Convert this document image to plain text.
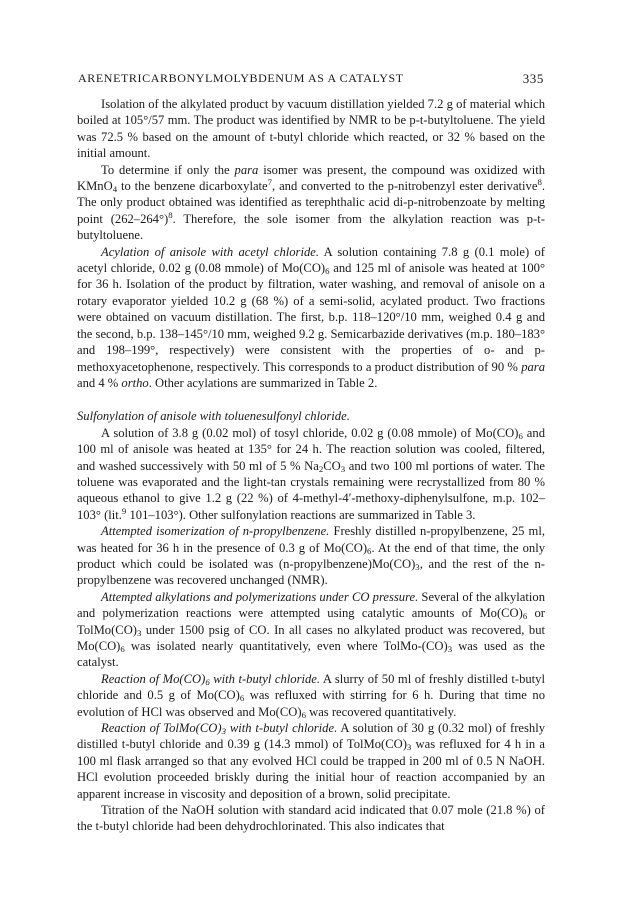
ARENETRICARBONYLMOLYBDENUM AS A CATALYST	335

Isolation of the alkylated product by vacuum distillation yielded 7.2 g of material which boiled at 105°/57 mm. The product was identified by NMR to be p-t-butyltoluene. The yield was 72.5 % based on the amount of t-butyl chloride which reacted, or 32 % based on the initial amount.

To determine if only the para isomer was present, the compound was oxidized with KMnO$_4$ to the benzene dicarboxylate$^7$, and converted to the p-nitrobenzyl ester derivative$^8$. The only product obtained was identified as terephthalic acid di-p-nitrobenzoate by melting point $(262-264^\circ)^8$. Therefore, the sole isomer from the alkylation reaction was p-t-butyltoluene.

Acylation of anisole with acetyl chloride. A solution containing 7.8 g (0.1 mole) of acetyl chloride, 0.02 g (0.08 mmole) of $Mo(CO)_6$ and 125 ml of anisole was heated at 100° for 36 h. Isolation of the product by filtration, water washing, and removal of anisole on a rotary evaporator yielded 10.2 g (68 %) of a semi-solid, acylated product. Two fractions were obtained on vacuum distillation. The first, b.p. 118–120°/10 mm, weighed 0.4 g and the second, b.p. 138–145°/10 mm, weighed 9.2 g. Semicarbazide derivatives (m.p. 180–183° and 198–199°, respectively) were consistent with the properties of o- and p-methoxyacetophenone, respectively. This corresponds to a product distribution of 90 % para and 4 % ortho. Other acylations are summarized in Table 2.

Sulfonylation of anisole with toluenesulfonyl chloride.

A solution of 3.8 g (0.02 mol) of tosyl chloride, 0.02 g (0.08 mmole) of $Mo(CO)_6$ and 100 ml of anisole was heated at 135° for 24 h. The reaction solution was cooled, filtered, and washed successively with 50 ml of 5 % $Na_2CO_3$ and two 100 ml portions of water. The toluene was evaporated and the light-tan crystals remaining were recrystallized from 80 % aqueous ethanol to give 1.2 g (22 %) of 4-methyl-4′-methoxy-diphenylsulfone, m.p. 102–103° (lit.$^9$ 101–103°). Other sulfonylation reactions are summarized in Table 3.

Attempted isomerization of n-propylbenzene. Freshly distilled n-propylbenzene, 25 ml, was heated for 36 h in the presence of 0.3 g of $Mo(CO)_6$. At the end of that time, the only product which could be isolated was $(n-propylbenzene)Mo(CO)_3$, and the rest of the n-propylbenzene was recovered unchanged (NMR).

Attempted alkylations and polymerizations under CO pressure. Several of the alkylation and polymerization reactions were attempted using catalytic amounts of $Mo(CO)_6$ or $TolMo(CO)_3$ under 1500 psig of CO. In all cases no alkylated product was recovered, but $Mo(CO)_6$ was isolated nearly quantitatively, even where TolMo-$(CO)_3$ was used as the catalyst.

Reaction of $Mo(CO)_6$ with t-butyl chloride. A slurry of 50 ml of freshly distilled t-butyl chloride and 0.5 g of $Mo(CO)_6$ was refluxed with stirring for 6 h. During that time no evolution of HCl was observed and $Mo(CO)_6$ was recovered quantitatively.

Reaction of $TolMo(CO)_3$ with t-butyl chloride. A solution of 30 g (0.32 mol) of freshly distilled t-butyl chloride and 0.39 g (14.3 mmol) of $TolMo(CO)_3$ was refluxed for 4 h in a 100 ml flask arranged so that any evolved HCl could be trapped in 200 ml of 0.5 N NaOH. HCl evolution proceeded briskly during the initial hour of reaction accompanied by an apparent increase in viscosity and deposition of a brown, solid precipitate.

Titration of the NaOH solution with standard acid indicated that 0.07 mole (21.8 %) of the t-butyl chloride had been dehydrochlorinated. This also indicates that
